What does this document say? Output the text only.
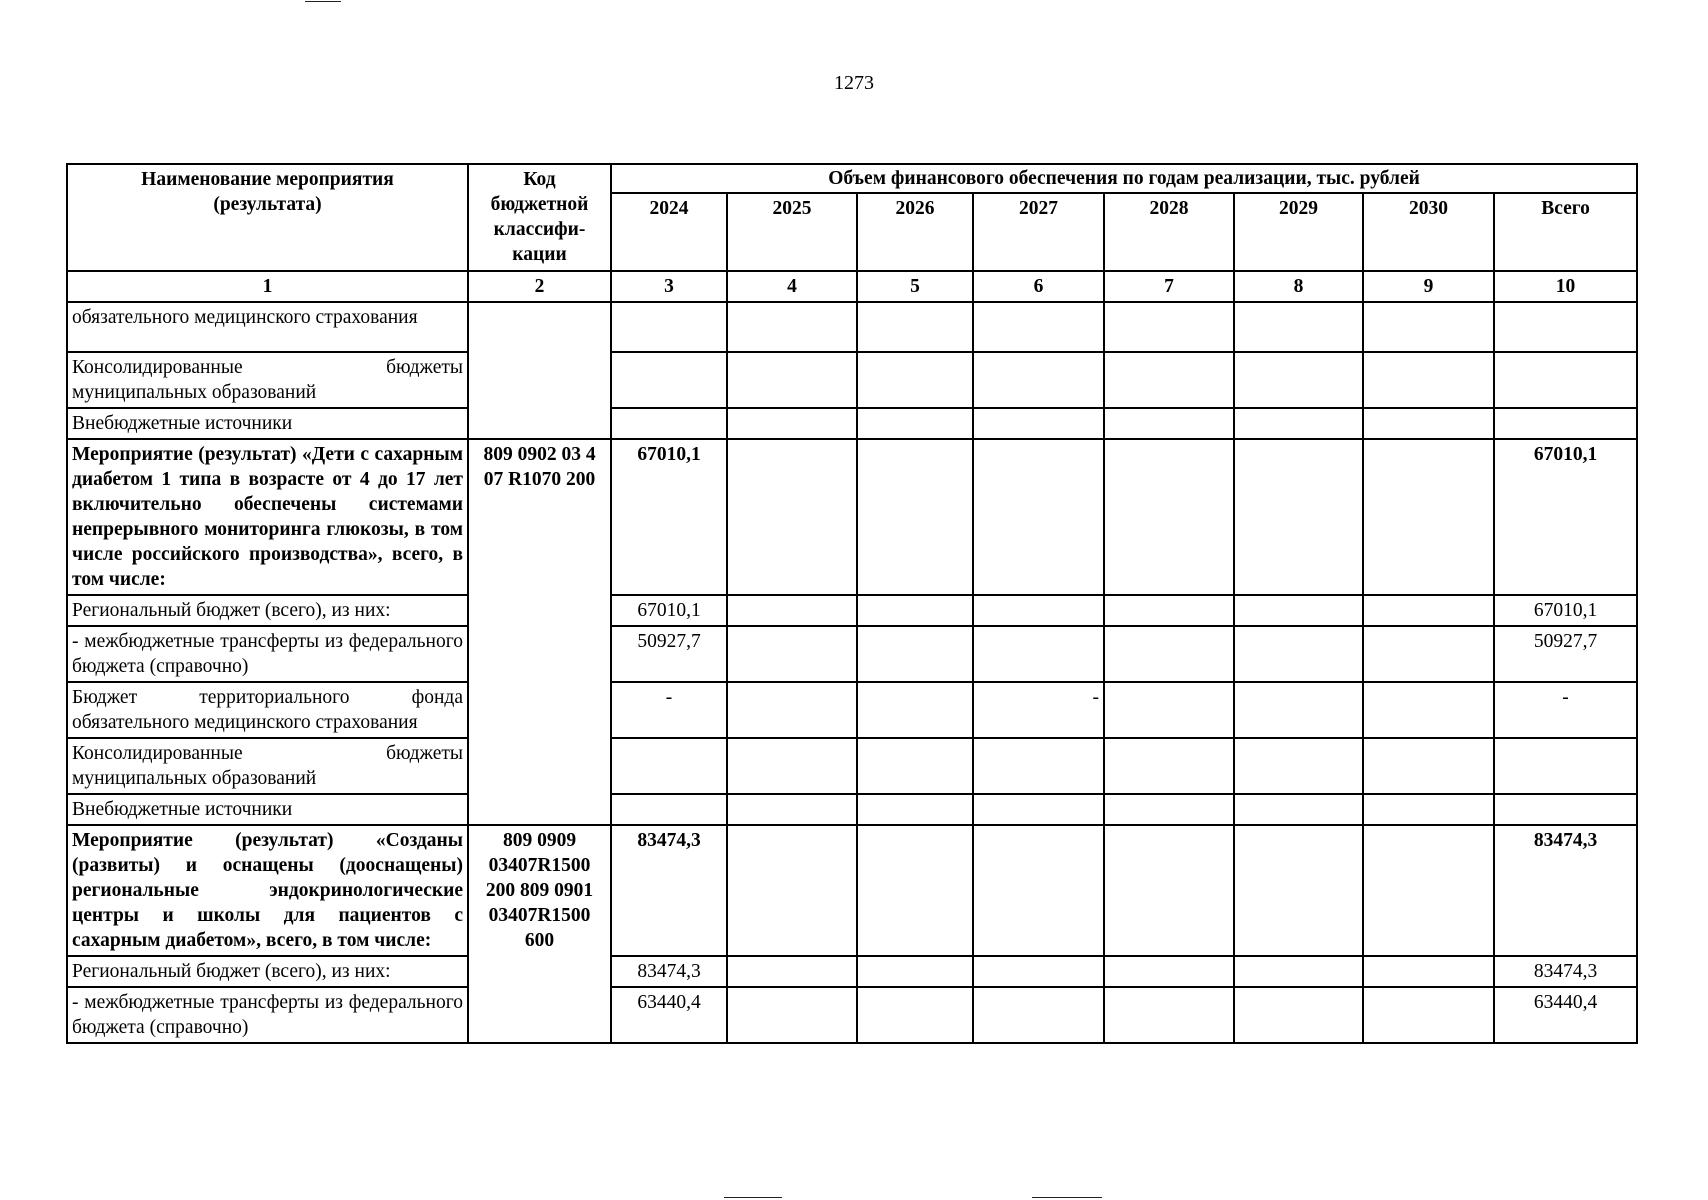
1273
Наименование мероприятия (результата)	Код бюджетной классифи-кации	Объем финансового обеспечения по годам реализации, тыс. рублей							
		2024	2025	2026	2027	2028	2029	2030	Всего
1	2	3	4	5	6	7	8	9	10
обязательного медицинского страхования									
Консолидированные бюджеты муниципальных образований									
Внебюджетные источники									
Мероприятие (результат) «Дети с сахарным диабетом 1 типа в возрасте от 4 до 17 лет включительно обеспечены системами непрерывного мониторинга глюкозы, в том числе российского производства», всего, в том числе:	809 0902 03 4 07 R1070 200	67010,1							67010,1
Региональный бюджет (всего), из них:		67010,1							67010,1
- межбюджетные трансферты из федерального бюджета (справочно)		50927,7							50927,7
Бюджет территориального фонда обязательного медицинского страхования		-			-				-
Консолидированные бюджеты муниципальных образований									
Внебюджетные источники									
Мероприятие (результат) «Созданы (развиты) и оснащены (дооснащены) региональные эндокринологические центры и школы для пациентов с сахарным диабетом», всего, в том числе:	809 0909 03407R1500 200 809 0901 03407R1500 600	83474,3							83474,3
Региональный бюджет (всего), из них:		83474,3							83474,3
- межбюджетные трансферты из федерального бюджета (справочно)		63440,4							63440,4
